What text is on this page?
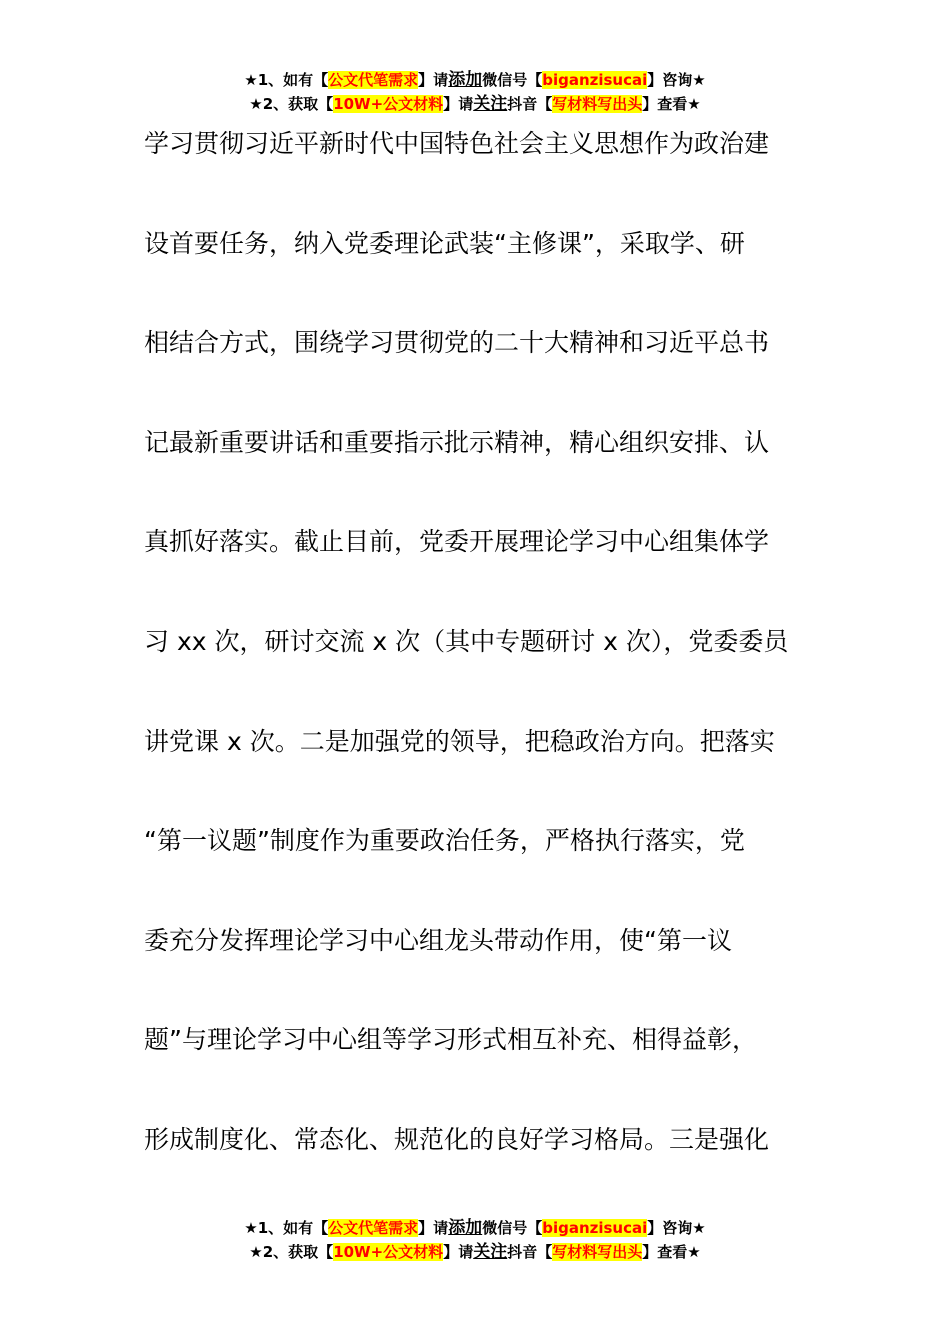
★1、如有【公文代笔需求】请添加微信号【biganzisucai】咨询★
★2、获取【10W+公文材料】请关注抖音【写材料写出头】查看★
学习贯彻习近平新时代中国特色社会主义思想作为政治建
设首要任务，纳入党委理论武装“主修课”，采取学、研
相结合方式，围绕学习贯彻党的二十大精神和习近平总书
记最新重要讲话和重要指示批示精神，精心组织安排、认
真抓好落实。截止目前，党委开展理论学习中心组集体学
习 xx 次，研讨交流 x 次（其中专题研讨 x 次），党委委员
讲党课 x 次。二是加强党的领导，把稳政治方向。把落实
“第一议题”制度作为重要政治任务，严格执行落实，党
委充分发挥理论学习中心组龙头带动作用，使“第一议
题”与理论学习中心组等学习形式相互补充、相得益彰，
形成制度化、常态化、规范化的良好学习格局。三是强化
★1、如有【公文代笔需求】请添加微信号【biganzisucai】咨询★
★2、获取【10W+公文材料】请关注抖音【写材料写出头】查看★
